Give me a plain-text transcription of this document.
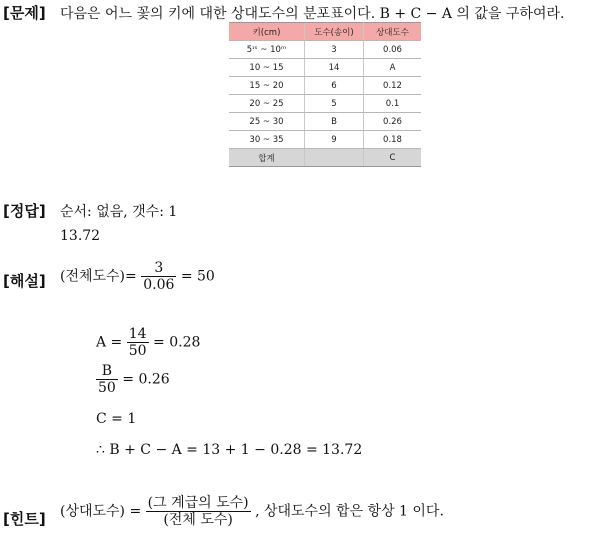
[문제] 다음은 어느 꽃의 키에 대한 상대도수의 분포표이다. B + C − A 의 값을 구하여라.
키(cm)	도수(송이)	상대도수
5ᶦˢ ~ 10ᵐ	3	0.06
10 ~ 15	14	A
15 ~ 20	6	0.12
20 ~ 25	5	0.1
25 ~ 30	B	0.26
30 ~ 35	9	0.18
합계		C
[정답] 순서: 없음, 갯수: 1
13.72
[해설] (전체도수)= $\frac{3}{0.06} = 50$
$A = \frac{14}{50} = 0.28$
$\frac{B}{50} = 0.26$
C = 1
∴ B + C − A = 13 + 1 − 0.28 = 13.72
[힌트] (상대도수) = $\frac{\text{(그 계급의 도수)}}{\text{(전체 도수)}}$ , 상대도수의 합은 항상 1 이다.
